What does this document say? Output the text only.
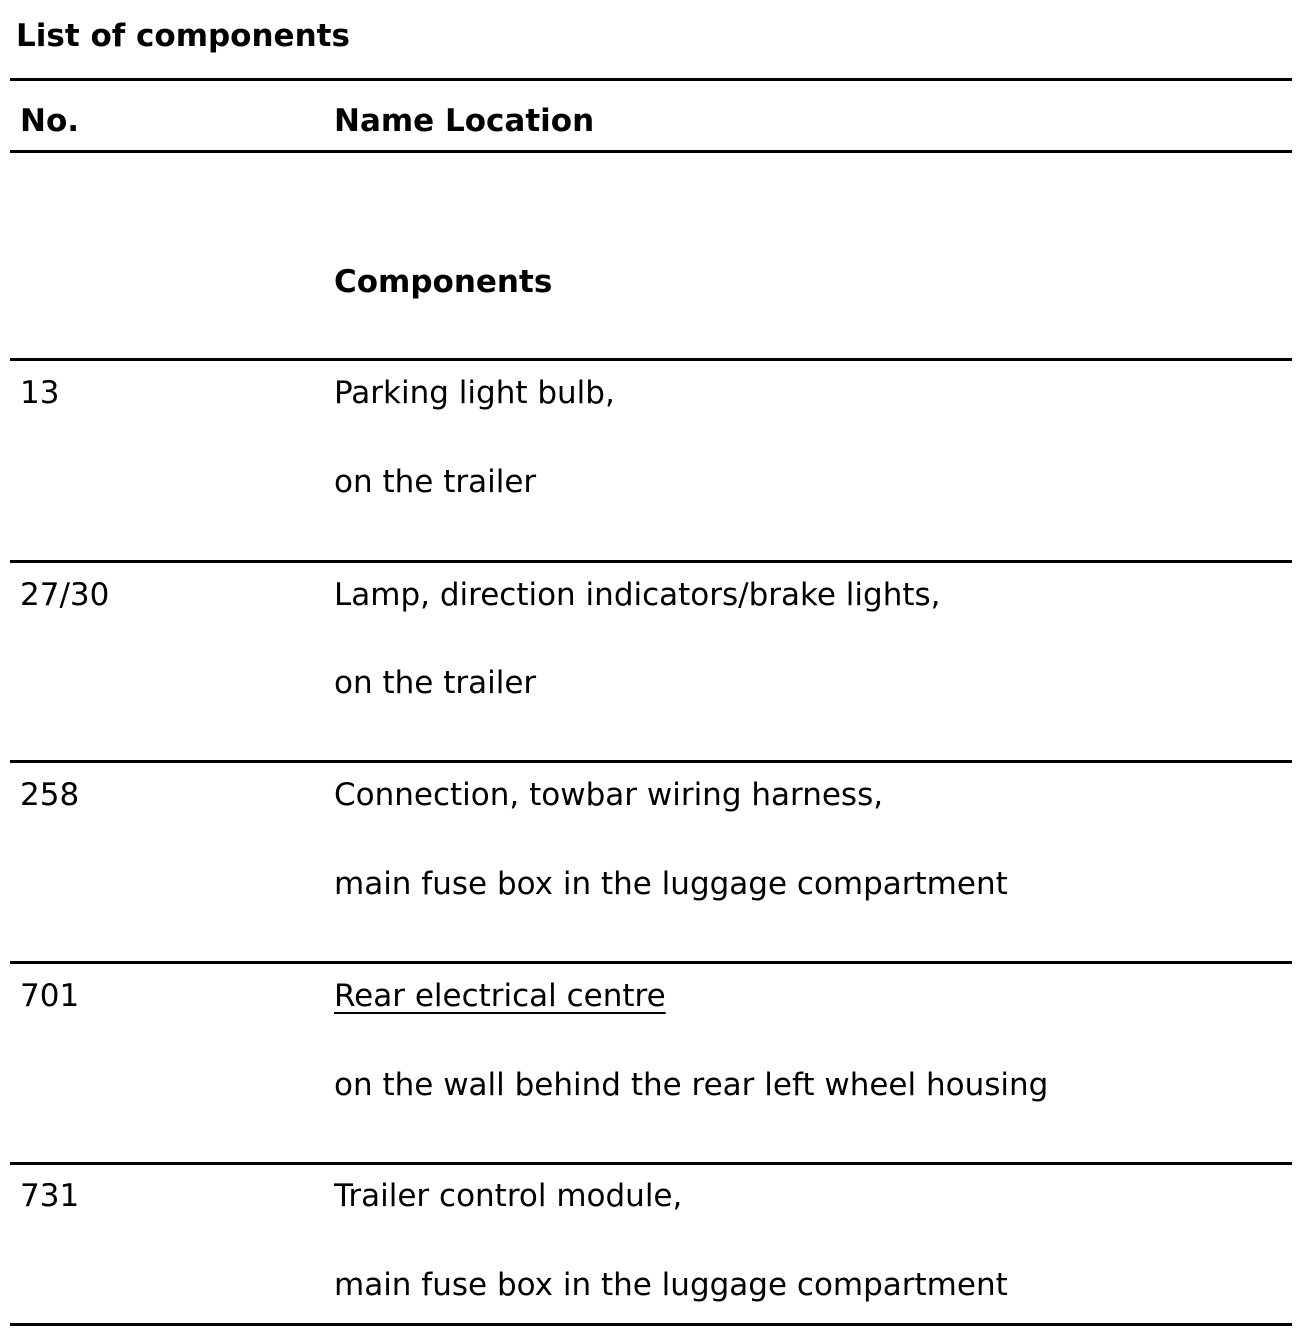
List of components
No.	Name Location
Components
13	Parking light bulb,
on the trailer
27/30	Lamp, direction indicators/brake lights,
on the trailer
258	Connection, towbar wiring harness,
main fuse box in the luggage compartment
701	Rear electrical centre
on the wall behind the rear left wheel housing
731	Trailer control module,
main fuse box in the luggage compartment
